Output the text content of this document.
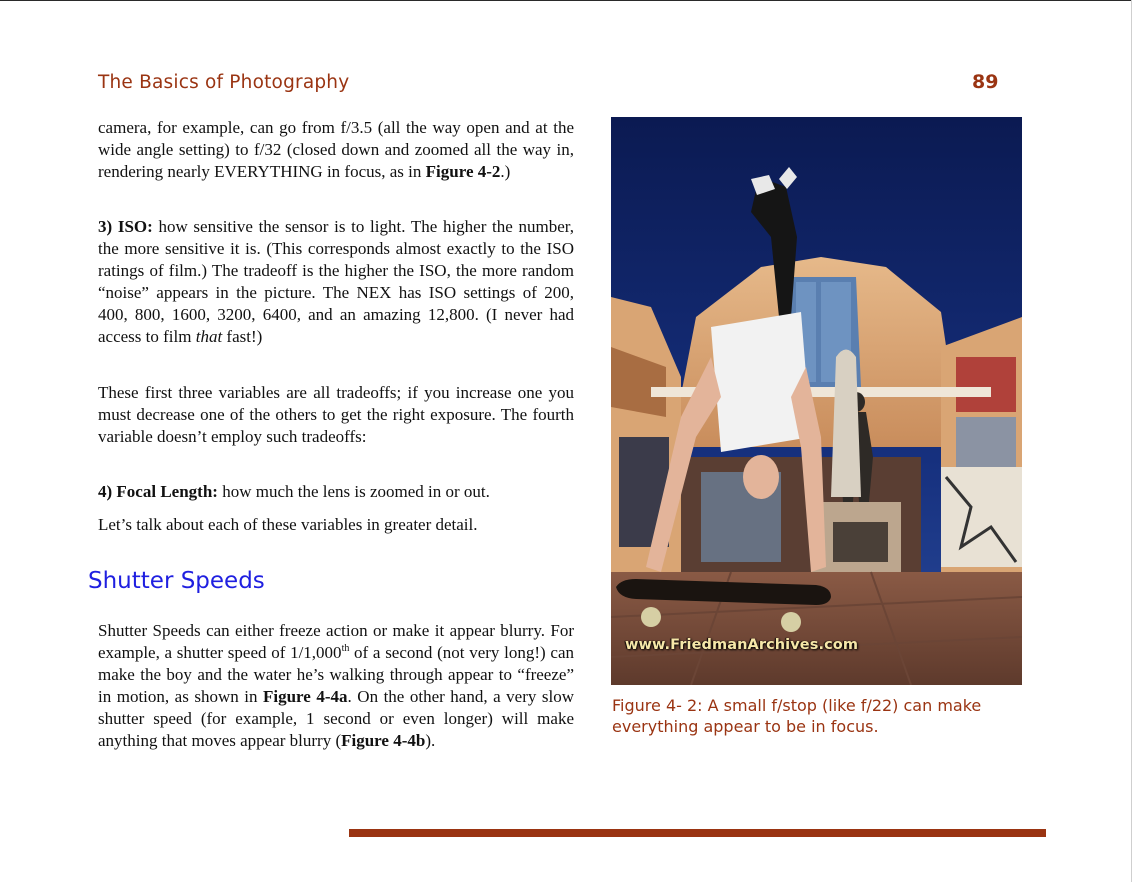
The Basics of Photography	89

camera, for example, can go from f/3.5 (all the way open and at the wide angle setting) to f/32 (closed down and zoomed all the way in, rendering nearly EVERYTHING in focus, as in Figure 4-2.)

3) ISO: how sensitive the sensor is to light. The higher the number, the more sensitive it is. (This corresponds almost exactly to the ISO ratings of film.) The tradeoff is the higher the ISO, the more random “noise” appears in the picture. The NEX has ISO settings of 200, 400, 800, 1600, 3200, 6400, and an amazing 12,800. (I never had access to film that fast!)

These first three variables are all tradeoffs; if you increase one you must decrease one of the others to get the right exposure. The fourth variable doesn’t employ such tradeoffs:

4) Focal Length: how much the lens is zoomed in or out.

Let’s talk about each of these variables in greater detail.

Shutter Speeds

Shutter Speeds can either freeze action or make it appear blurry. For example, a shutter speed of 1/1,000th of a second (not very long!) can make the boy and the water he’s walking through appear to “freeze” in motion, as shown in Figure 4-4a. On the other hand, a very slow shutter speed (for example, 1 second or even longer) will make anything that moves appear blurry (Figure 4-4b).

www.FriedmanArchives.com

Figure 4- 2: A small f/stop (like f/22) can make everything appear to be in focus.
